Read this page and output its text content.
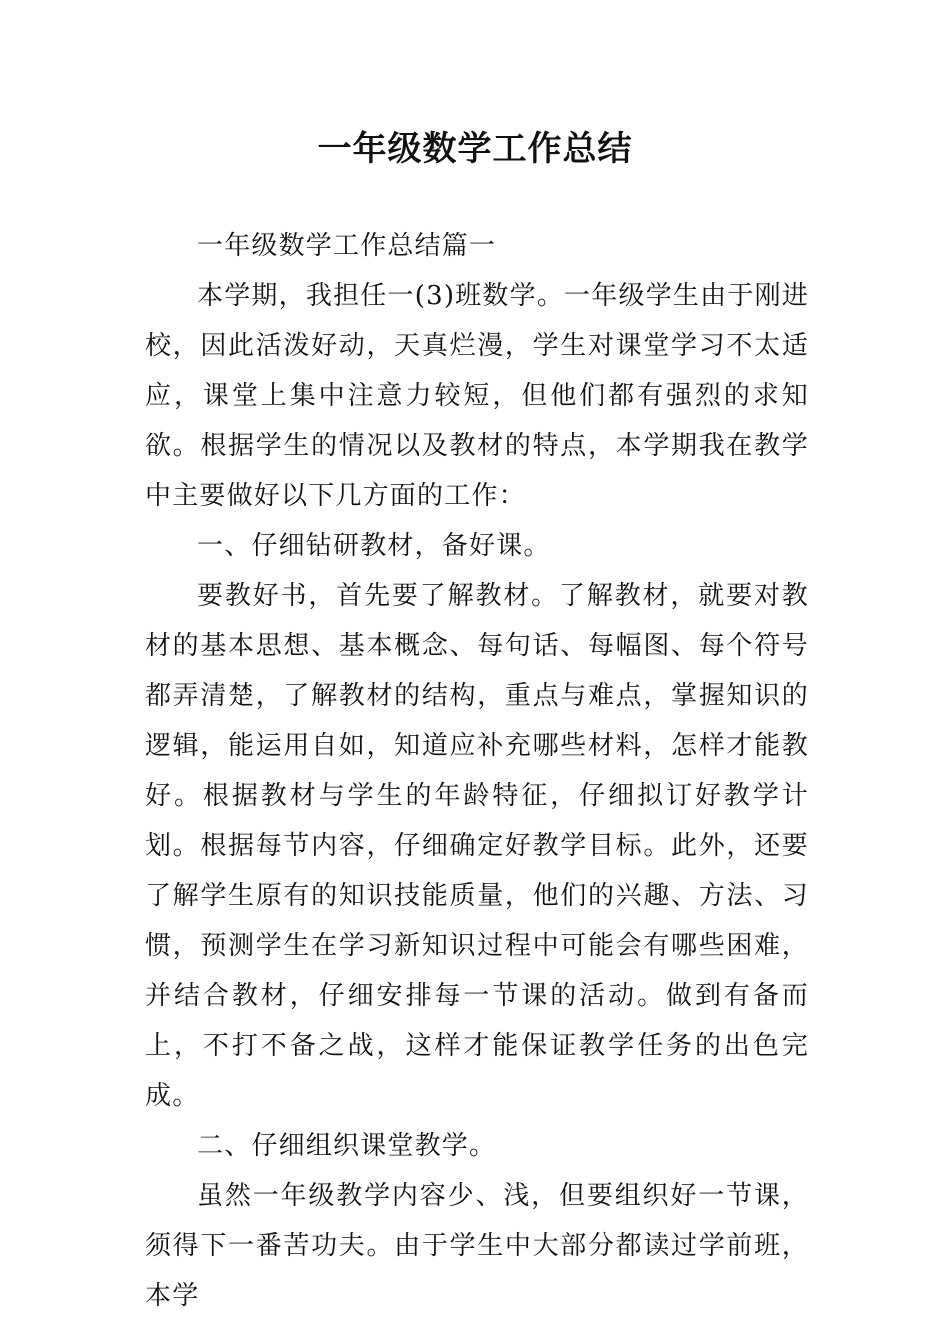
一年级数学工作总结

一年级数学工作总结篇一

本学期，我担任一(3)班数学。一年级学生由于刚进校，因此活泼好动，天真烂漫，学生对课堂学习不太适应，课堂上集中注意力较短，但他们都有强烈的求知欲。根据学生的情况以及教材的特点，本学期我在教学中主要做好以下几方面的工作：

一、仔细钻研教材，备好课。

要教好书，首先要了解教材。了解教材，就要对教材的基本思想、基本概念、每句话、每幅图、每个符号都弄清楚，了解教材的结构，重点与难点，掌握知识的逻辑，能运用自如，知道应补充哪些材料，怎样才能教好。根据教材与学生的年龄特征，仔细拟订好教学计划。根据每节内容，仔细确定好教学目标。此外，还要了解学生原有的知识技能质量，他们的兴趣、方法、习惯，预测学生在学习新知识过程中可能会有哪些困难，并结合教材，仔细安排每一节课的活动。做到有备而上，不打不备之战，这样才能保证教学任务的出色完成。

二、仔细组织课堂教学。

虽然一年级教学内容少、浅，但要组织好一节课，须得下一番苦功夫。由于学生中大部分都读过学前班，本学
